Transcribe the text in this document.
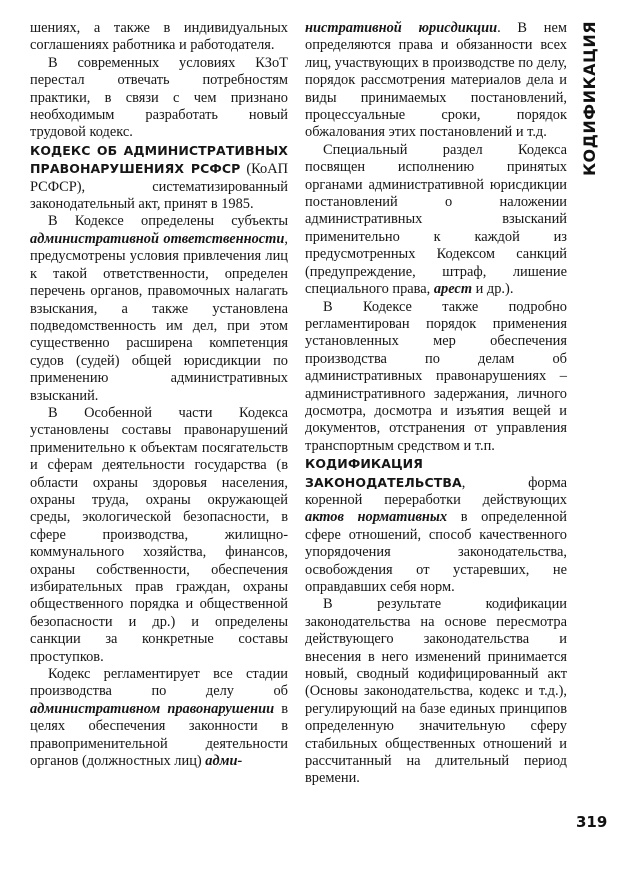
шениях, а также в индивидуальных соглашениях работника и работодателя.

В современных условиях КЗоТ перестал отвечать потребностям практики, в связи с чем признано необходимым разработать новый трудовой кодекс.

КОДЕКС ОБ АДМИНИСТРАТИВНЫХ ПРАВОНАРУШЕНИЯХ РСФСР (КоАП РСФСР), систематизированный законодательный акт, принят в 1985.

В Кодексе определены субъекты административной ответственности, предусмотрены условия привлечения лиц к такой ответственности, определен перечень органов, правомочных налагать взыскания, а также установлена подведомственность им дел, при этом существенно расширена компетенция судов (судей) общей юрисдикции по применению административных взысканий.

В Особенной части Кодекса установлены составы правонарушений применительно к объектам посягательств и сферам деятельности государства (в области охраны здоровья населения, охраны труда, охраны окружающей среды, экологической безопасности, в сфере производства, жилищно-коммунального хозяйства, финансов, охраны собственности, обеспечения избирательных прав граждан, охраны общественного порядка и общественной безопасности и др.) и определены санкции за конкретные составы проступков.

Кодекс регламентирует все стадии производства по делу об административном правонарушении в целях обеспечения законности в правоприменительной деятельности органов (должностных лиц) адми-

нистративной юрисдикции. В нем определяются права и обязанности всех лиц, участвующих в производстве по делу, порядок рассмотрения материалов дела и виды принимаемых постановлений, процессуальные сроки, порядок обжалования этих постановлений и т.д.

Специальный раздел Кодекса посвящен исполнению принятых органами административной юрисдикции постановлений о наложении административных взысканий применительно к каждой из предусмотренных Кодексом санкций (предупреждение, штраф, лишение специального права, арест и др.).

В Кодексе также подробно регламентирован порядок применения установленных мер обеспечения производства по делам об административных правонарушениях – административного задержания, личного досмотра, досмотра и изъятия вещей и документов, отстранения от управления транспортным средством и т.п.

КОДИФИКАЦИЯ ЗАКОНОДАТЕЛЬСТВА, форма коренной переработки действующих актов нормативных в определенной сфере отношений, способ качественного упорядочения законодательства, освобождения от устаревших, не оправдавших себя норм.

В результате кодификации законодательства на основе пересмотра действующего законодательства и внесения в него изменений принимается новый, сводный кодифицированный акт (Основы законодательства, кодекс и т.д.), регулирующий на базе единых принципов определенную значительную сферу стабильных общественных отношений и рассчитанный на длительный период времени.

КОДИФИКАЦИЯ
319
